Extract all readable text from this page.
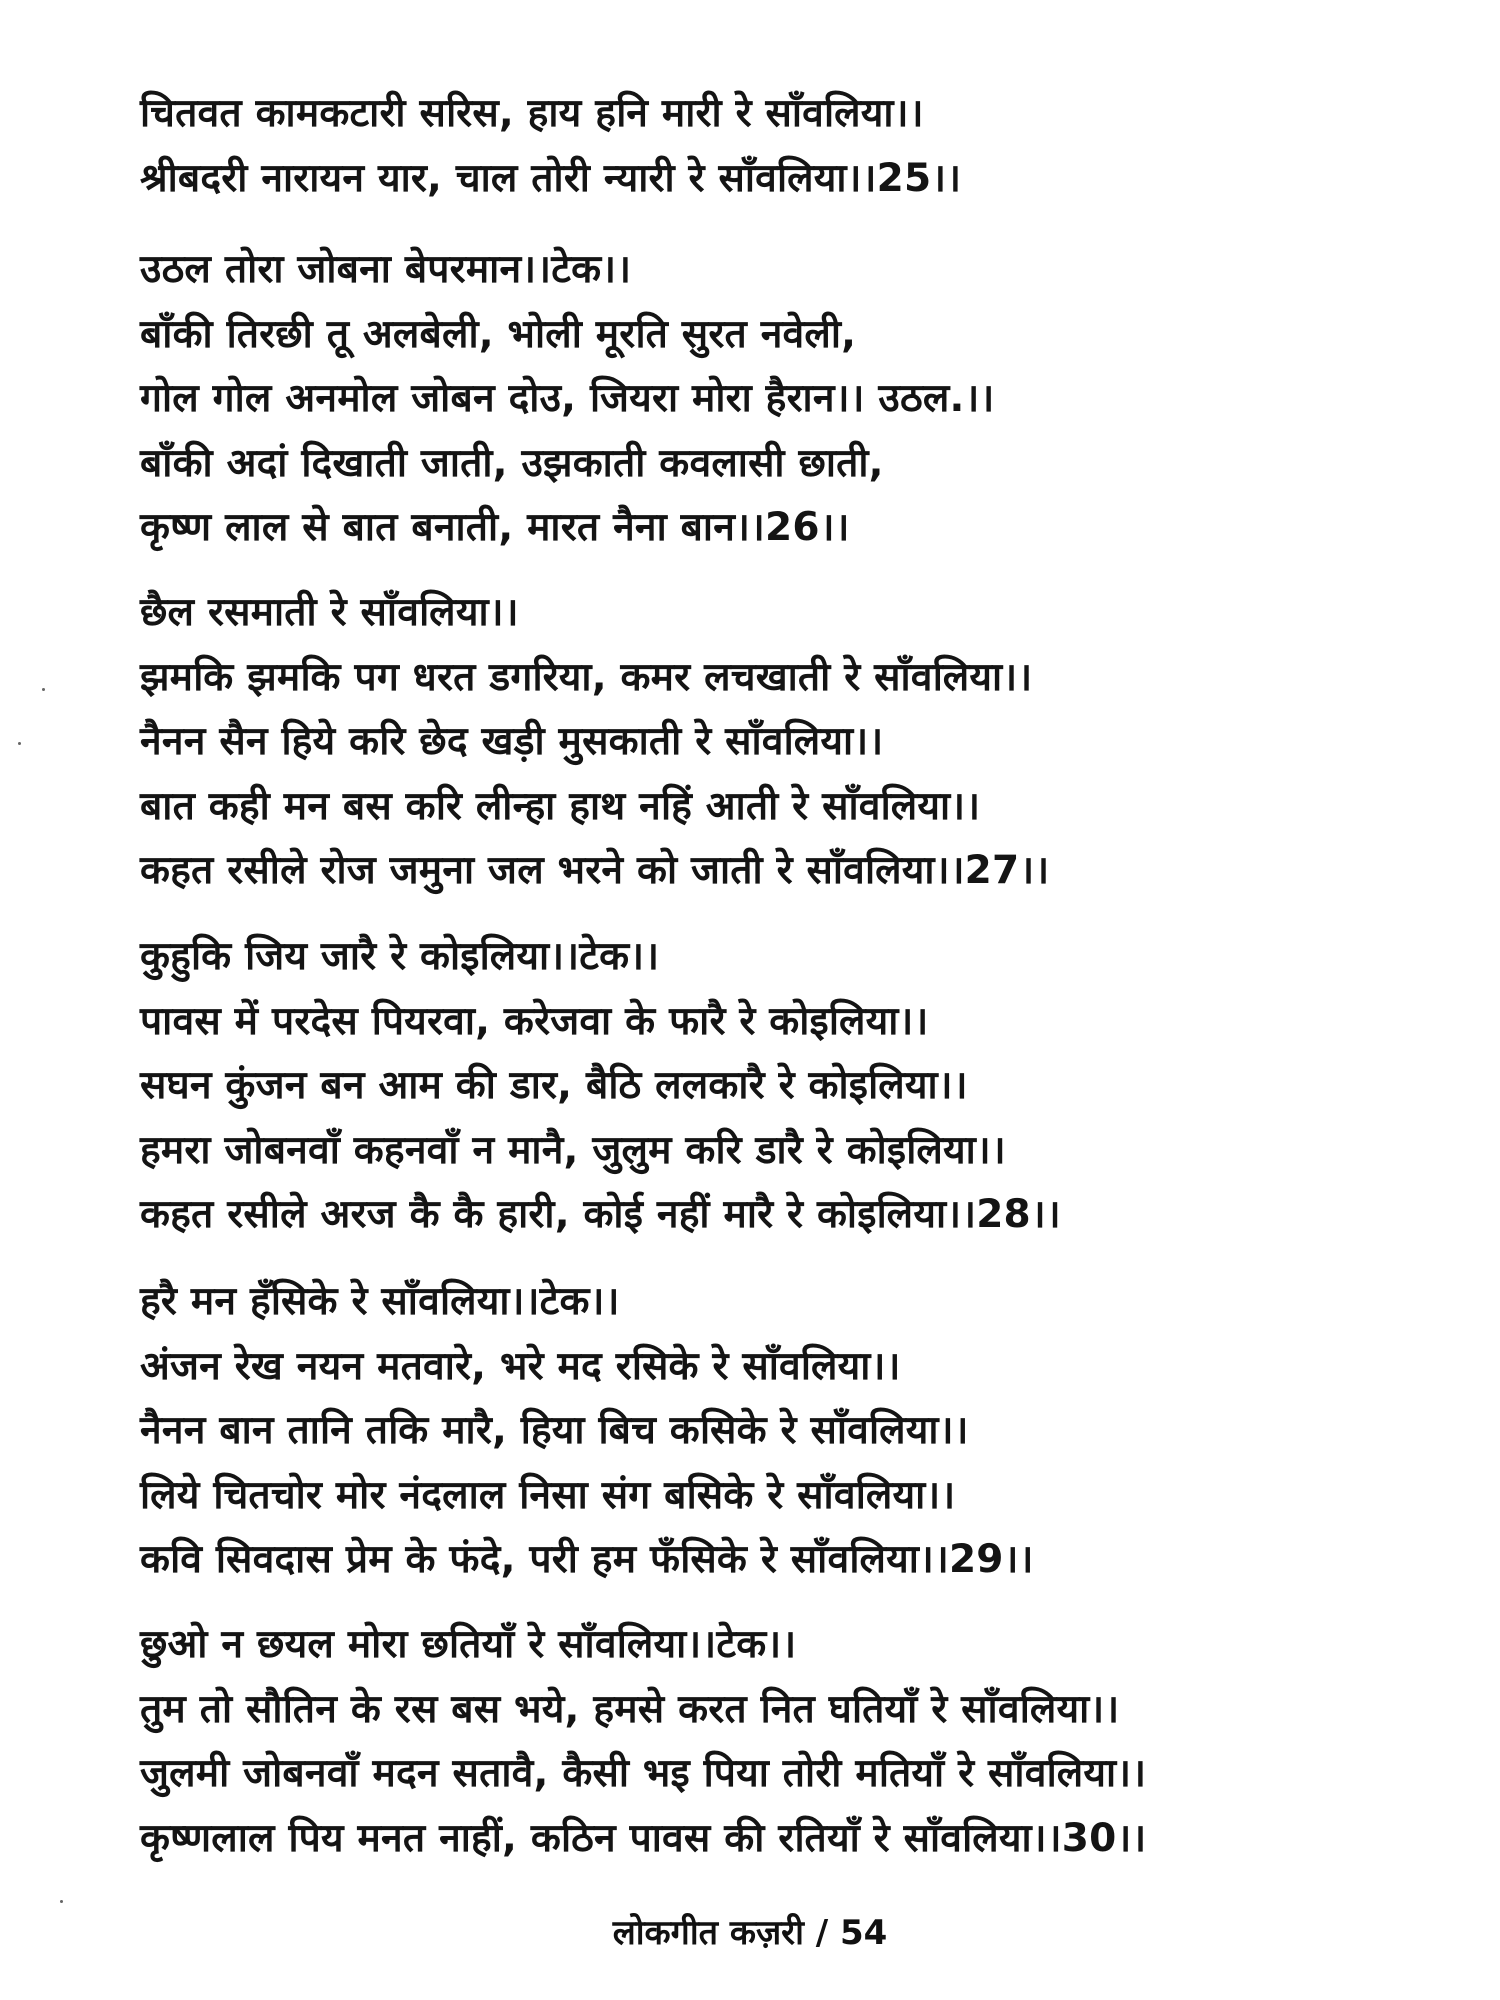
चितवत कामकटारी सरिस, हाय हनि मारी रे साँवलिया।।
श्रीबदरी नारायन यार, चाल तोरी न्यारी रे साँवलिया।।25।।
उठल तोरा जोबना बेपरमान।।टेक।।
बाँकी तिरछी तू अलबेली, भोली मूरति सुरत नवेली,
गोल गोल अनमोल जोबन दोउ, जियरा मोरा हैरान।। उठल.।।
बाँकी अदां दिखाती जाती, उझकाती कवलासी छाती,
कृष्ण लाल से बात बनाती, मारत नैना बान।।26।।
छैल रसमाती रे साँवलिया।।
झमकि झमकि पग धरत डगरिया, कमर लचखाती रे साँवलिया।।
नैनन सैन हिये करि छेद खड़ी मुसकाती रे साँवलिया।।
बात कही मन बस करि लीन्हा हाथ नहिं आती रे साँवलिया।।
कहत रसीले रोज जमुना जल भरने को जाती रे साँवलिया।।27।।
कुहुकि जिय जारै रे कोइलिया।।टेक।।
पावस में परदेस पियरवा, करेजवा के फारै रे कोइलिया।।
सघन कुंजन बन आम की डार, बैठि ललकारै रे कोइलिया।।
हमरा जोबनवाँ कहनवाँ न मानै, जुलुम करि डारै रे कोइलिया।।
कहत रसीले अरज कै कै हारी, कोई नहीं मारै रे कोइलिया।।28।।
हरै मन हँसिके रे साँवलिया।।टेक।।
अंजन रेख नयन मतवारे, भरे मद रसिके रे साँवलिया।।
नैनन बान तानि तकि मारै, हिया बिच कसिके रे साँवलिया।।
लिये चितचोर मोर नंदलाल निसा संग बसिके रे साँवलिया।।
कवि सिवदास प्रेम के फंदे, परी हम फँसिके रे साँवलिया।।29।।
छुओ न छयल मोरा छतियाँ रे साँवलिया।।टेक।।
तुम तो सौतिन के रस बस भये, हमसे करत नित घतियाँ रे साँवलिया।।
जुलमी जोबनवाँ मदन सतावै, कैसी भइ पिया तोरी मतियाँ रे साँवलिया।।
कृष्णलाल पिय मनत नाहीं, कठिन पावस की रतियाँ रे साँवलिया।।30।।
लोकगीत कज़री / 54
